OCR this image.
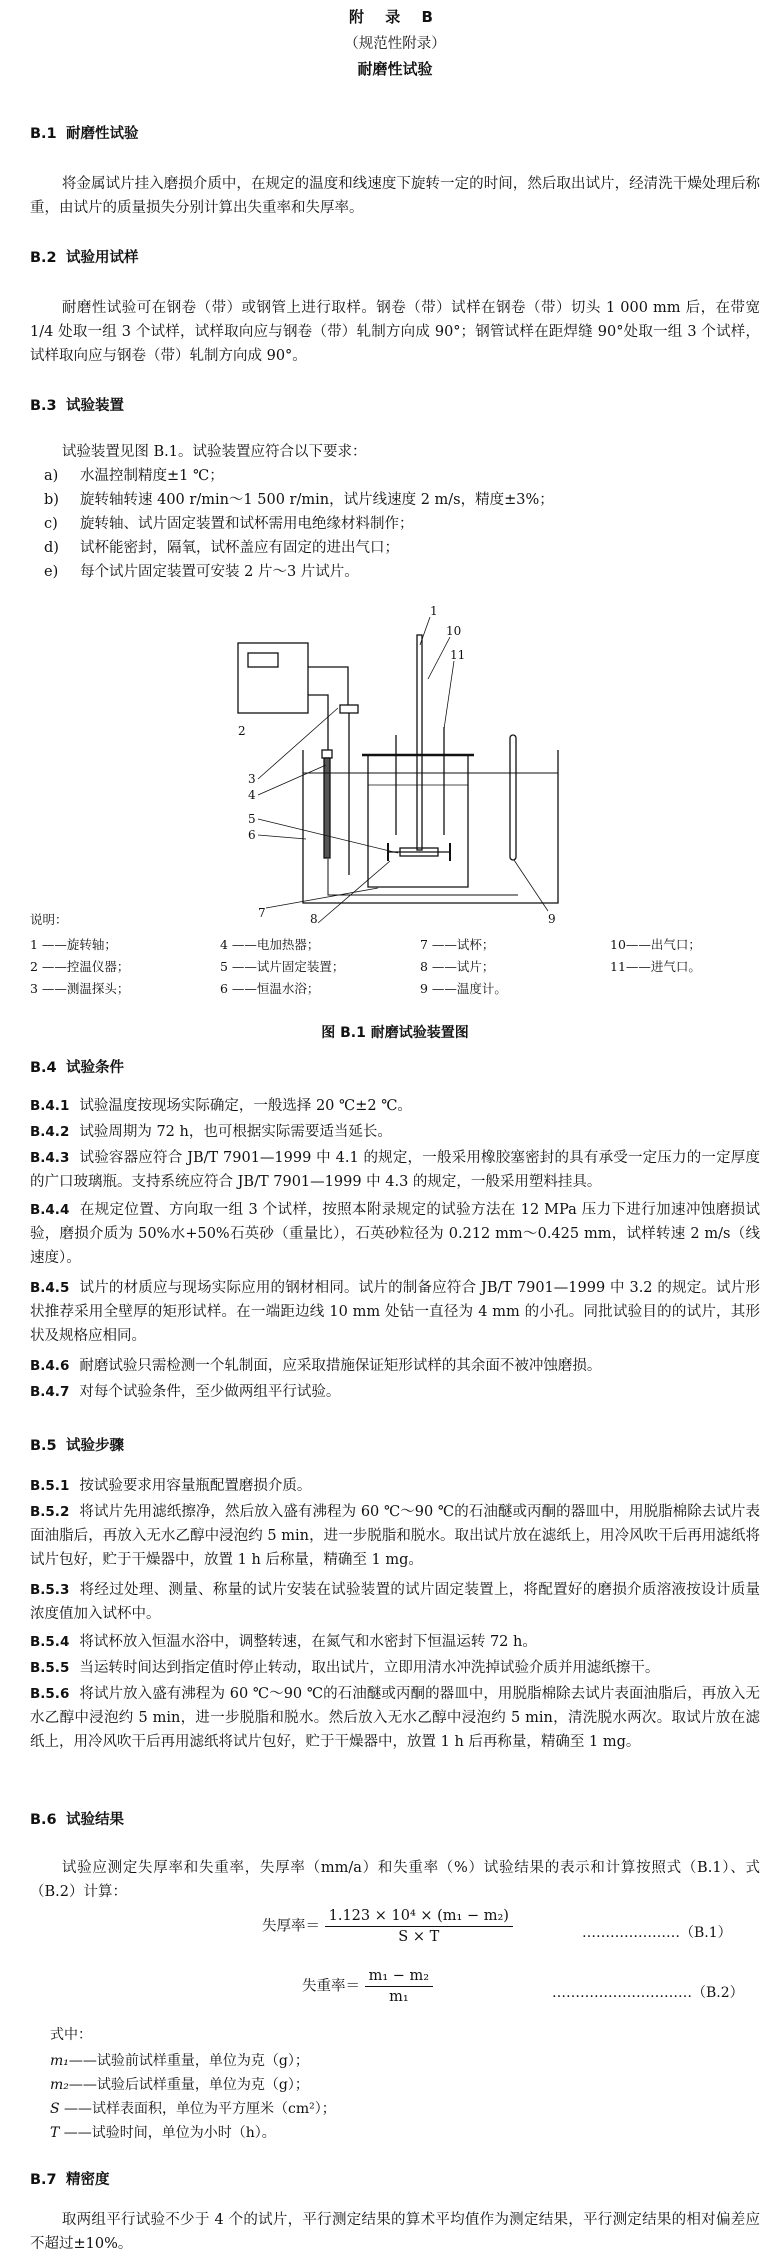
附 录 B
（规范性附录）
耐磨性试验
B.1 耐磨性试验
将金属试片挂入磨损介质中，在规定的温度和线速度下旋转一定的时间，然后取出试片，经清洗干燥处理后称重，由试片的质量损失分别计算出失重率和失厚率。
B.2 试验用试样
耐磨性试验可在钢卷（带）或钢管上进行取样。钢卷（带）试样在钢卷（带）切头 1 000 mm 后，在带宽 1/4 处取一组 3 个试样，试样取向应与钢卷（带）轧制方向成 90°；钢管试样在距焊缝 90°处取一组 3 个试样，试样取向应与钢卷（带）轧制方向成 90°。
B.3 试验装置
试验装置见图 B.1。试验装置应符合以下要求：
a) 水温控制精度±1 ℃；
b) 旋转轴转速 400 r/min～1 500 r/min，试片线速度 2 m/s，精度±3%；
c) 旋转轴、试片固定装置和试杯需用电绝缘材料制作；
d) 试杯能密封，隔氧，试杯盖应有固定的进出气口；
e) 每个试片固定装置可安装 2 片～3 片试片。
1
2
3
4
5
6
7	8	9
10
11
说明：
1 ——旋转轴；
2 ——控温仪器；
3 ——测温探头；
4 ——电加热器；
5 ——试片固定装置；
6 ——恒温水浴；
7 ——试杯；
8 ——试片；
9 ——温度计。
10——出气口；
11——进气口。
图 B.1 耐磨试验装置图
B.4 试验条件
B.4.1 试验温度按现场实际确定，一般选择 20 ℃±2 ℃。
B.4.2 试验周期为 72 h，也可根据实际需要适当延长。
B.4.3 试验容器应符合 JB/T 7901—1999 中 4.1 的规定，一般采用橡胶塞密封的具有承受一定压力的一定厚度的广口玻璃瓶。支持系统应符合 JB/T 7901—1999 中 4.3 的规定，一般采用塑料挂具。
B.4.4 在规定位置、方向取一组 3 个试样，按照本附录规定的试验方法在 12 MPa 压力下进行加速冲蚀磨损试验，磨损介质为 50%水+50%石英砂（重量比），石英砂粒径为 0.212 mm～0.425 mm，试样转速 2 m/s（线速度）。
B.4.5 试片的材质应与现场实际应用的钢材相同。试片的制备应符合 JB/T 7901—1999 中 3.2 的规定。试片形状推荐采用全壁厚的矩形试样。在一端距边线 10 mm 处钻一直径为 4 mm 的小孔。同批试验目的的试片，其形状及规格应相同。
B.4.6 耐磨试验只需检测一个轧制面，应采取措施保证矩形试样的其余面不被冲蚀磨损。
B.4.7 对每个试验条件，至少做两组平行试验。
B.5 试验步骤
B.5.1 按试验要求用容量瓶配置磨损介质。
B.5.2 将试片先用滤纸擦净，然后放入盛有沸程为 60 ℃～90 ℃的石油醚或丙酮的器皿中，用脱脂棉除去试片表面油脂后，再放入无水乙醇中浸泡约 5 min，进一步脱脂和脱水。取出试片放在滤纸上，用冷风吹干后再用滤纸将试片包好，贮于干燥器中，放置 1 h 后称量，精确至 1 mg。
B.5.3 将经过处理、测量、称量的试片安装在试验装置的试片固定装置上，将配置好的磨损介质溶液按设计质量浓度值加入试杯中。
B.5.4 将试杯放入恒温水浴中，调整转速，在氮气和水密封下恒温运转 72 h。
B.5.5 当运转时间达到指定值时停止转动，取出试片，立即用清水冲洗掉试验介质并用滤纸擦干。
B.5.6 将试片放入盛有沸程为 60 ℃～90 ℃的石油醚或丙酮的器皿中，用脱脂棉除去试片表面油脂后，再放入无水乙醇中浸泡约 5 min，进一步脱脂和脱水。然后放入无水乙醇中浸泡约 5 min，清洗脱水两次。取试片放在滤纸上，用冷风吹干后再用滤纸将试片包好，贮于干燥器中，放置 1 h 后再称量，精确至 1 mg。
B.6 试验结果
试验应测定失厚率和失重率，失厚率（mm/a）和失重率（%）试验结果的表示和计算按照式（B.1）、式（B.2）计算：
失厚率＝ $\frac{\text{1.123 × 10⁴ × (m₁ − m₂)}}{S \times T}$	…………………（B.1）
失重率＝ $\frac{\text{m₁ − m₂}}{\text{m₁}}$	…………………………（B.2）
式中：
m₁——试验前试样重量，单位为克（g）；
m₂——试验后试样重量，单位为克（g）；
S ——试样表面积，单位为平方厘米（cm²）；
T ——试验时间，单位为小时（h）。
B.7 精密度
取两组平行试验不少于 4 个的试片，平行测定结果的算术平均值作为测定结果，平行测定结果的相对偏差应不超过±10%。
